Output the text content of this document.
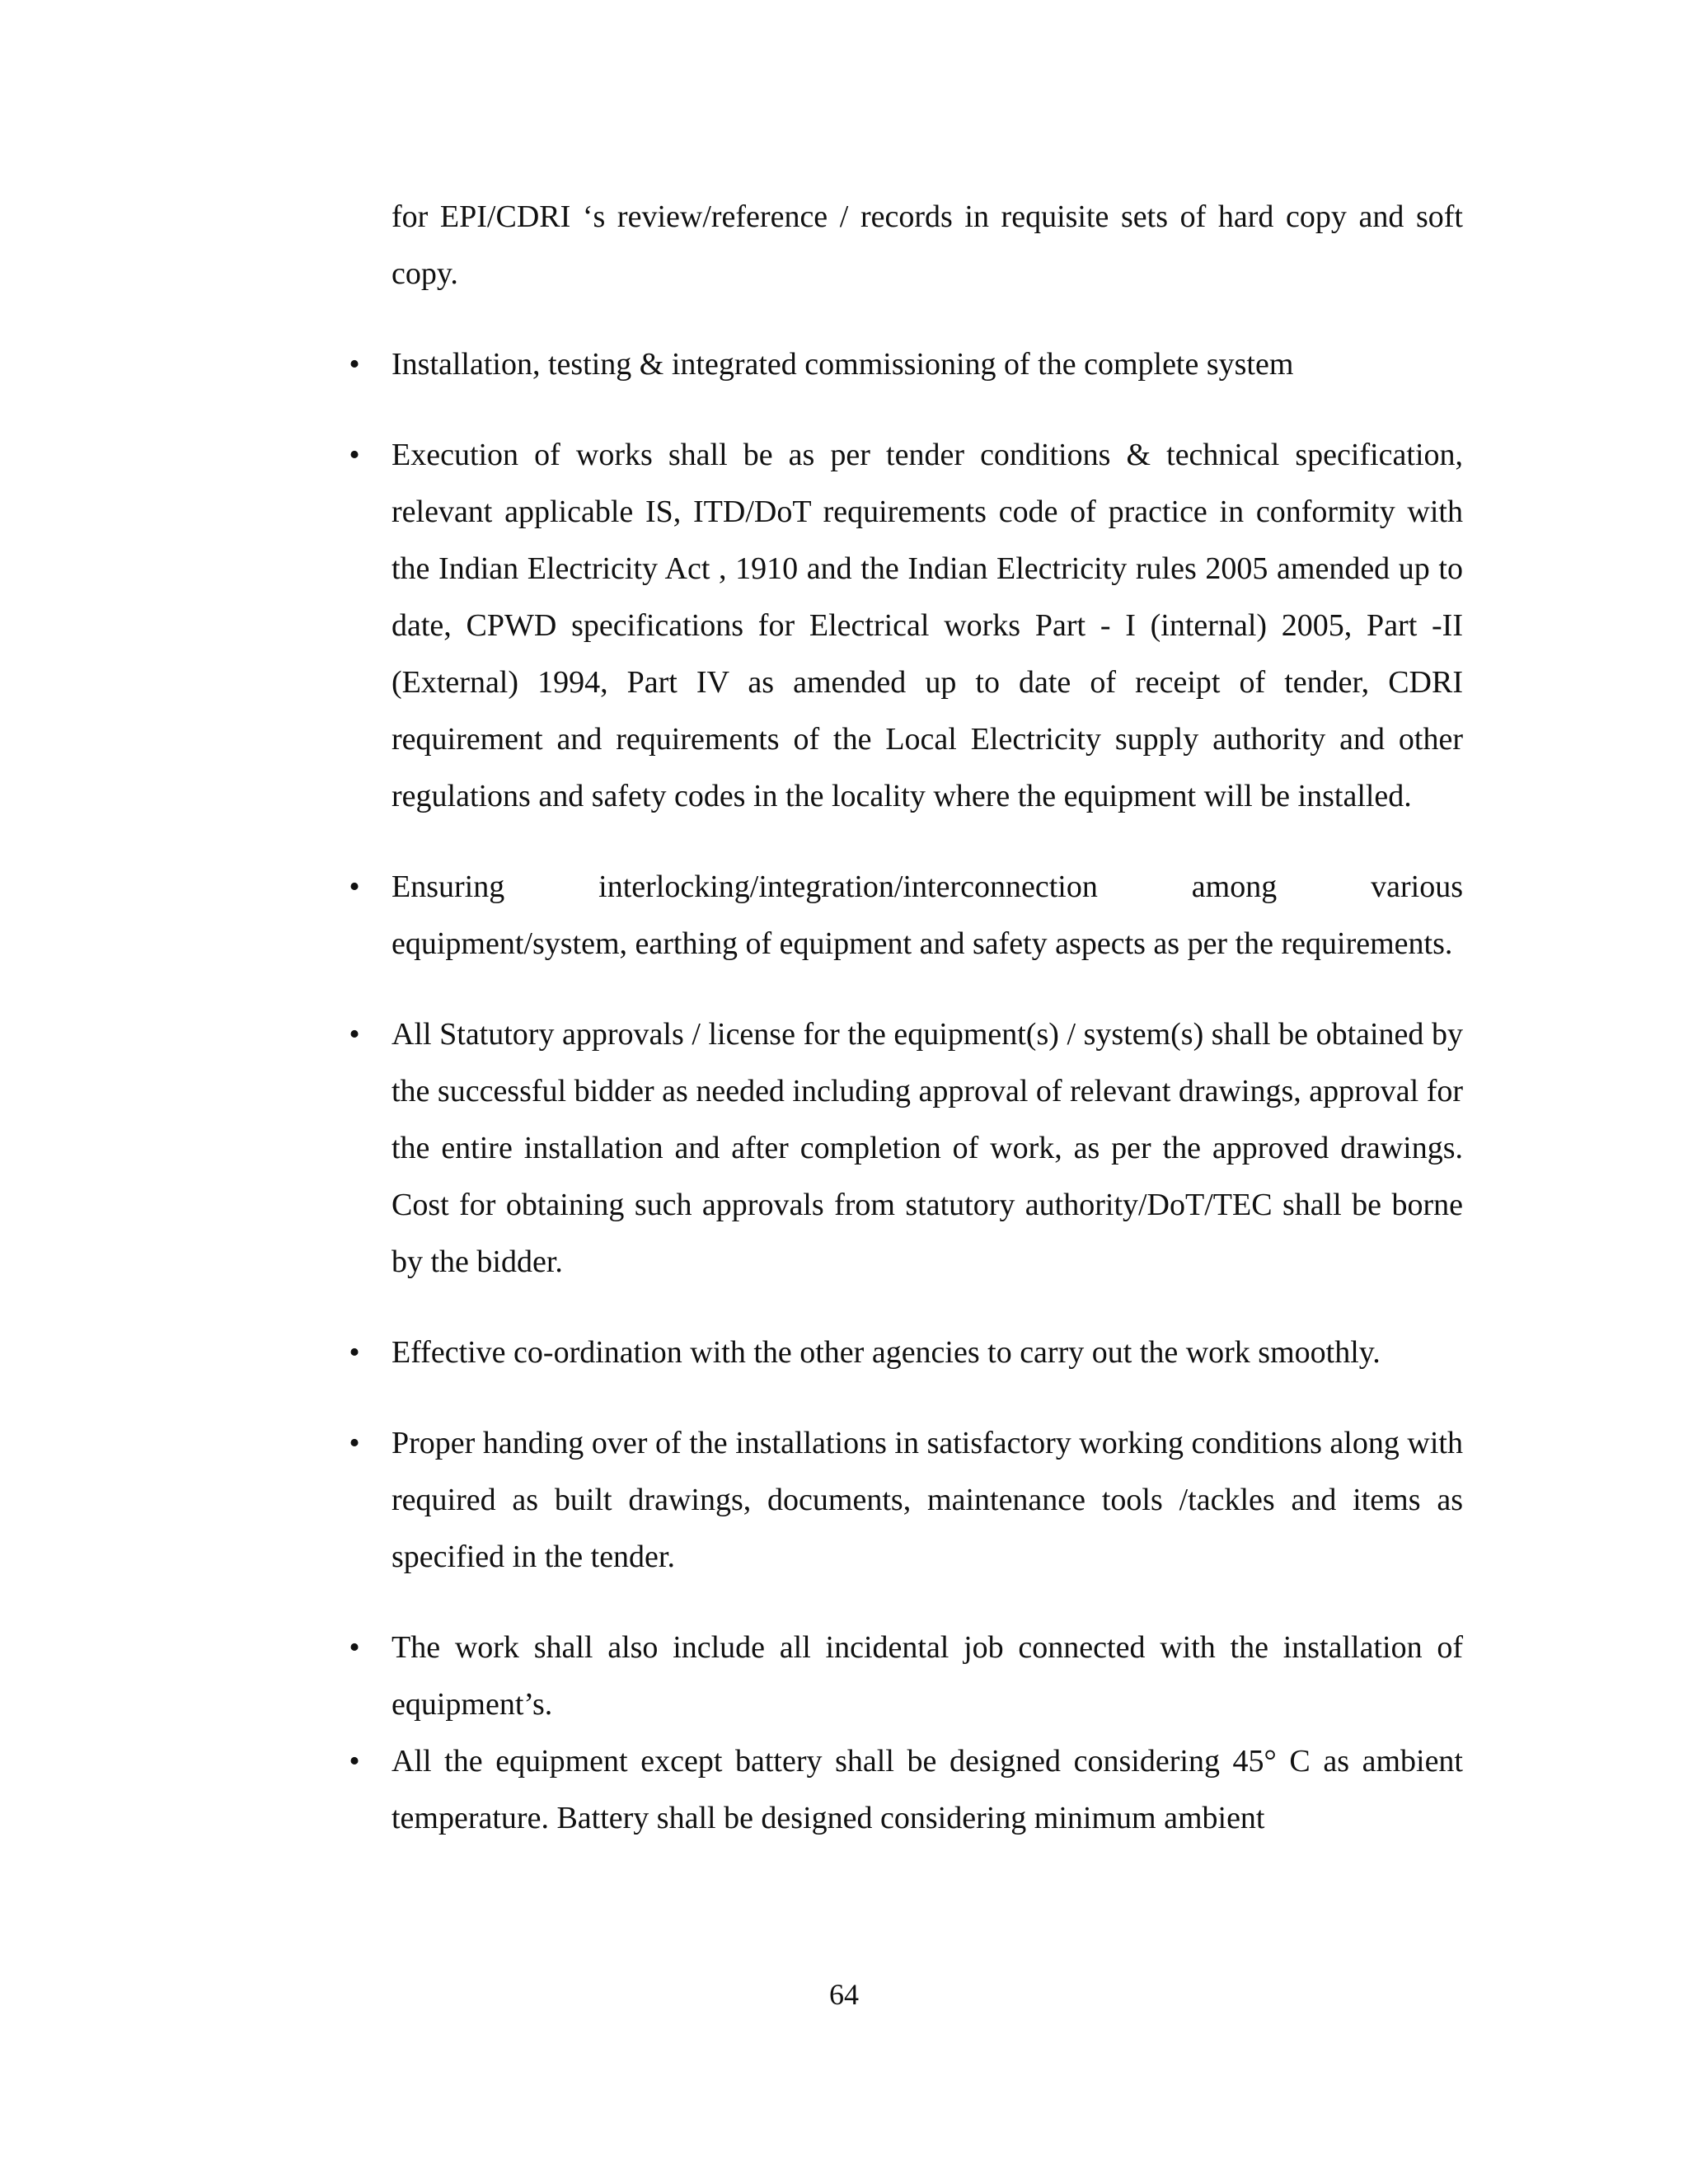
for EPI/CDRI ‘s review/reference / records in requisite sets of hard copy and soft copy.

• Installation, testing & integrated commissioning of the complete system
• Execution of works shall be as per tender conditions & technical specification, relevant applicable IS, ITD/DoT requirements code of practice in conformity with the Indian Electricity Act , 1910 and the Indian Electricity rules 2005 amended up to date, CPWD specifications for Electrical works Part - I (internal) 2005, Part -II (External) 1994, Part IV as amended up to date of receipt of tender, CDRI requirement and requirements of the Local Electricity supply authority and other regulations and safety codes in the locality where the equipment will be installed.
• Ensuring interlocking/integration/interconnection among various
equipment/system, earthing of equipment and safety aspects as per the requirements.
• All Statutory approvals / license for the equipment(s) / system(s) shall be obtained by the successful bidder as needed including approval of relevant drawings, approval for the entire installation and after completion of work, as per the approved drawings. Cost for obtaining such approvals from statutory authority/DoT/TEC shall be borne by the bidder.
• Effective co-ordination with the other agencies to carry out the work smoothly.
• Proper handing over of the installations in satisfactory working conditions along with required as built drawings, documents, maintenance tools /tackles and items as specified in the tender.
• The work shall also include all incidental job connected with the installation of equipment’s.
• All the equipment except battery shall be designed considering 45° C as ambient temperature. Battery shall be designed considering minimum ambient
64
